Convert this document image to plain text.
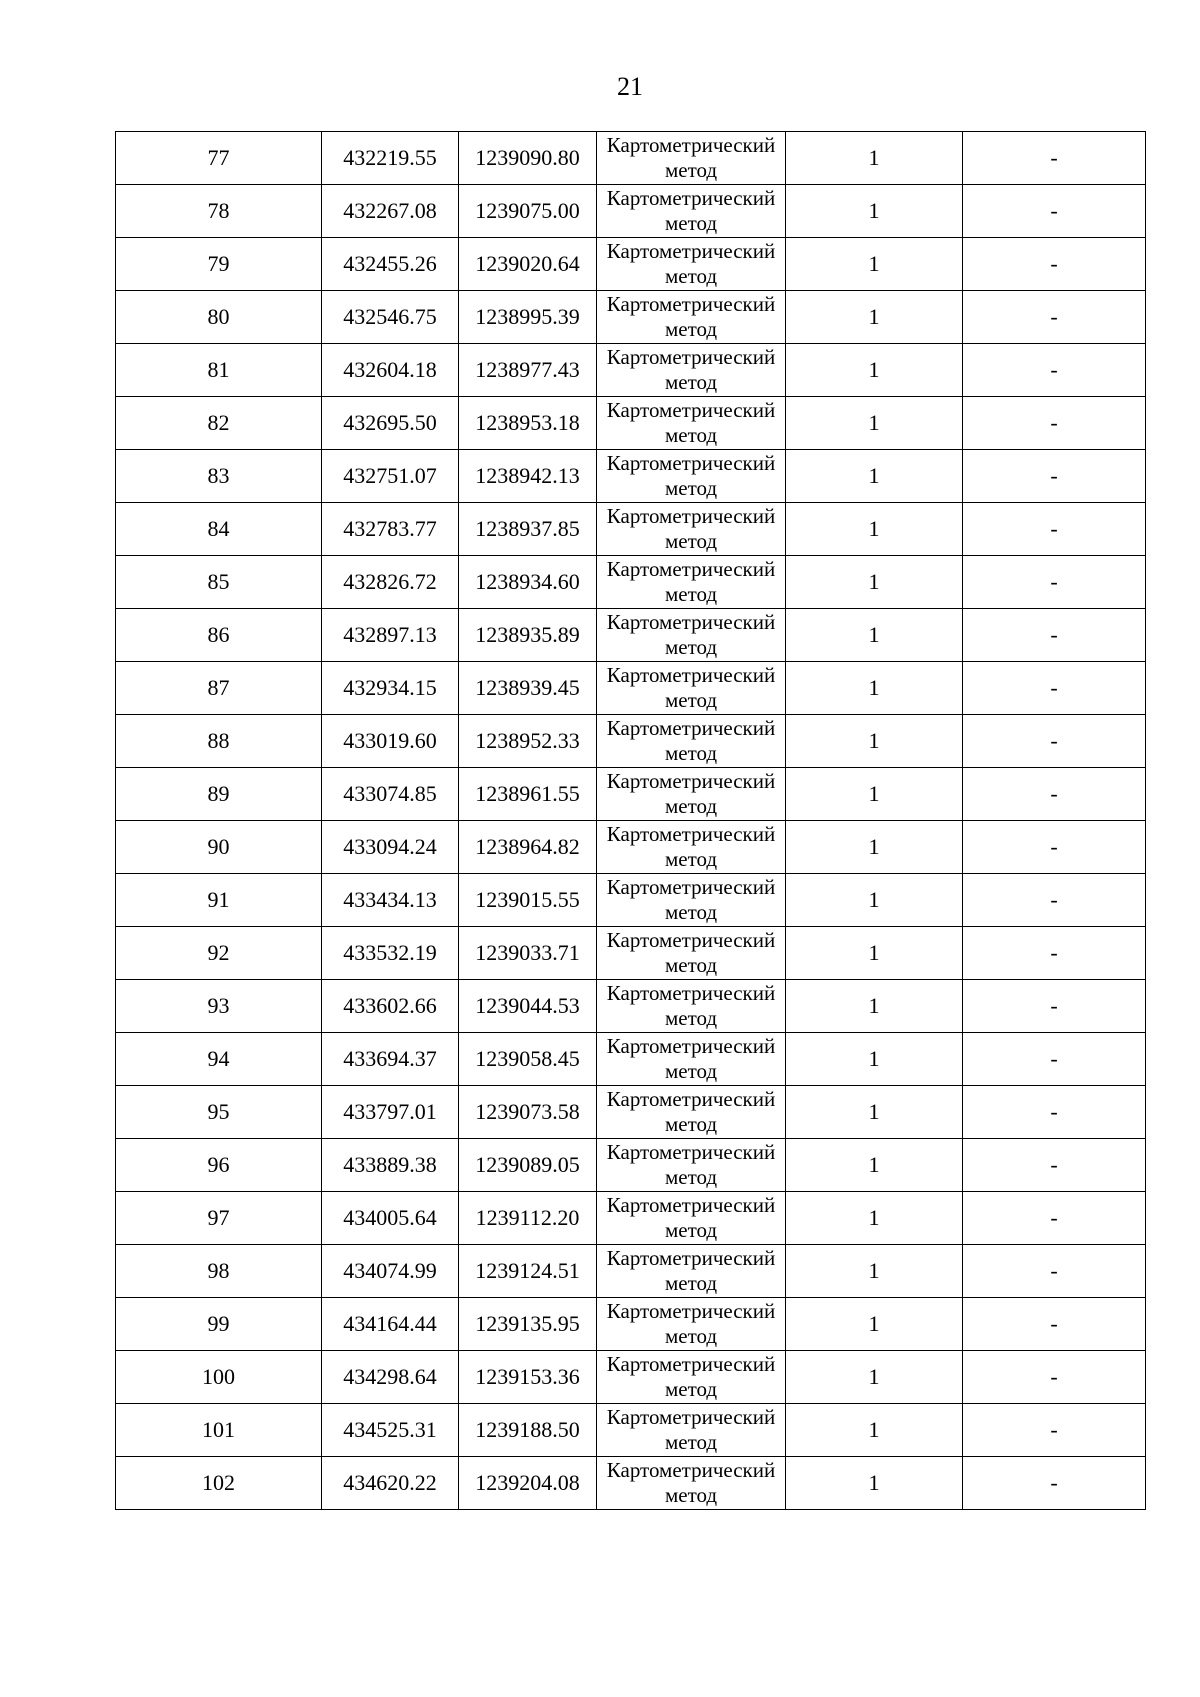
21
77	432219.55	1239090.80	Картометрический метод	1	-
78	432267.08	1239075.00	Картометрический метод	1	-
79	432455.26	1239020.64	Картометрический метод	1	-
80	432546.75	1238995.39	Картометрический метод	1	-
81	432604.18	1238977.43	Картометрический метод	1	-
82	432695.50	1238953.18	Картометрический метод	1	-
83	432751.07	1238942.13	Картометрический метод	1	-
84	432783.77	1238937.85	Картометрический метод	1	-
85	432826.72	1238934.60	Картометрический метод	1	-
86	432897.13	1238935.89	Картометрический метод	1	-
87	432934.15	1238939.45	Картометрический метод	1	-
88	433019.60	1238952.33	Картометрический метод	1	-
89	433074.85	1238961.55	Картометрический метод	1	-
90	433094.24	1238964.82	Картометрический метод	1	-
91	433434.13	1239015.55	Картометрический метод	1	-
92	433532.19	1239033.71	Картометрический метод	1	-
93	433602.66	1239044.53	Картометрический метод	1	-
94	433694.37	1239058.45	Картометрический метод	1	-
95	433797.01	1239073.58	Картометрический метод	1	-
96	433889.38	1239089.05	Картометрический метод	1	-
97	434005.64	1239112.20	Картометрический метод	1	-
98	434074.99	1239124.51	Картометрический метод	1	-
99	434164.44	1239135.95	Картометрический метод	1	-
100	434298.64	1239153.36	Картометрический метод	1	-
101	434525.31	1239188.50	Картометрический метод	1	-
102	434620.22	1239204.08	Картометрический метод	1	-
